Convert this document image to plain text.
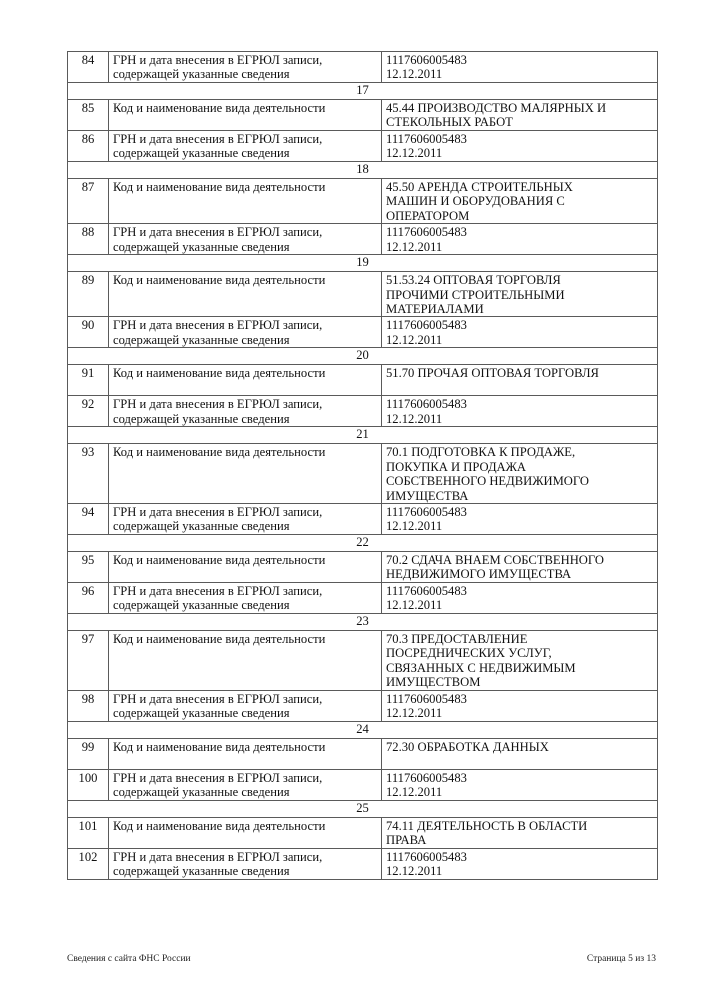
84	ГРН и дата внесения в ЕГРЮЛ записи, содержащей указанные сведения	1117606005483
12.12.2011
17		
85	Код и наименование вида деятельности	45.44 ПРОИЗВОДСТВО МАЛЯРНЫХ И
СТЕКОЛЬНЫХ РАБОТ
86	ГРН и дата внесения в ЕГРЮЛ записи, содержащей указанные сведения	1117606005483
12.12.2011
18		
87	Код и наименование вида деятельности	45.50 АРЕНДА СТРОИТЕЛЬНЫХ
МАШИН И ОБОРУДОВАНИЯ С
ОПЕРАТОРОМ
88	ГРН и дата внесения в ЕГРЮЛ записи, содержащей указанные сведения	1117606005483
12.12.2011
19		
89	Код и наименование вида деятельности	51.53.24 ОПТОВАЯ ТОРГОВЛЯ
ПРОЧИМИ СТРОИТЕЛЬНЫМИ
МАТЕРИАЛАМИ
90	ГРН и дата внесения в ЕГРЮЛ записи, содержащей указанные сведения	1117606005483
12.12.2011
20		
91	Код и наименование вида деятельности	51.70 ПРОЧАЯ ОПТОВАЯ ТОРГОВЛЯ
92	ГРН и дата внесения в ЕГРЮЛ записи, содержащей указанные сведения	1117606005483
12.12.2011
21		
93	Код и наименование вида деятельности	70.1 ПОДГОТОВКА К ПРОДАЖЕ,
ПОКУПКА И ПРОДАЖА
СОБСТВЕННОГО НЕДВИЖИМОГО
ИМУЩЕСТВА
94	ГРН и дата внесения в ЕГРЮЛ записи, содержащей указанные сведения	1117606005483
12.12.2011
22		
95	Код и наименование вида деятельности	70.2 СДАЧА ВНАЕМ СОБСТВЕННОГО
НЕДВИЖИМОГО ИМУЩЕСТВА
96	ГРН и дата внесения в ЕГРЮЛ записи, содержащей указанные сведения	1117606005483
12.12.2011
23		
97	Код и наименование вида деятельности	70.3 ПРЕДОСТАВЛЕНИЕ
ПОСРЕДНИЧЕСКИХ УСЛУГ,
СВЯЗАННЫХ С НЕДВИЖИМЫМ
ИМУЩЕСТВОМ
98	ГРН и дата внесения в ЕГРЮЛ записи, содержащей указанные сведения	1117606005483
12.12.2011
24		
99	Код и наименование вида деятельности	72.30 ОБРАБОТКА ДАННЫХ
100	ГРН и дата внесения в ЕГРЮЛ записи, содержащей указанные сведения	1117606005483
12.12.2011
25		
101	Код и наименование вида деятельности	74.11 ДЕЯТЕЛЬНОСТЬ В ОБЛАСТИ
ПРАВА
102	ГРН и дата внесения в ЕГРЮЛ записи, содержащей указанные сведения	1117606005483
12.12.2011
Сведения с сайта ФНС России	Страница 5 из 13
